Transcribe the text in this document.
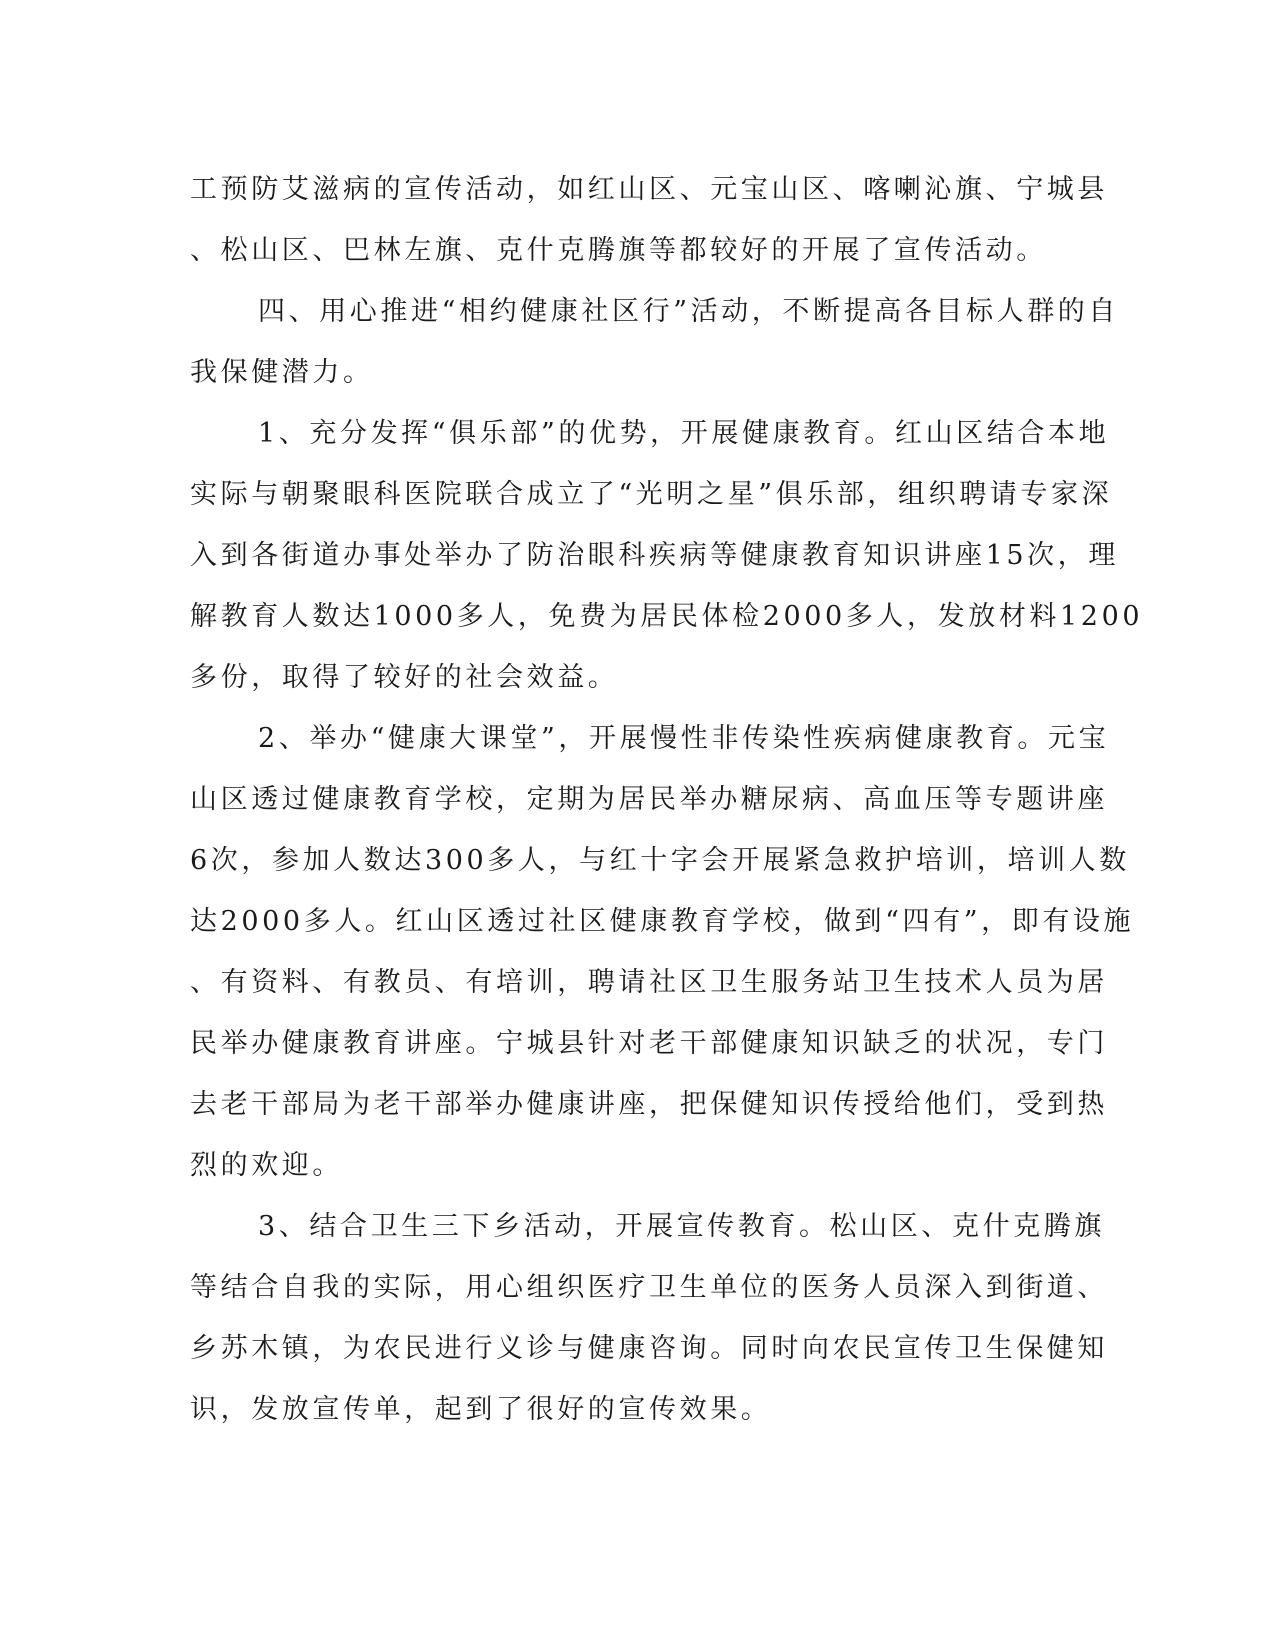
工预防艾滋病的宣传活动，如红山区、元宝山区、喀喇沁旗、宁城县
、松山区、巴林左旗、克什克腾旗等都较好的开展了宣传活动。
四、用心推进“相约健康社区行”活动，不断提高各目标人群的自
我保健潜力。
1、充分发挥“俱乐部”的优势，开展健康教育。红山区结合本地
实际与朝聚眼科医院联合成立了“光明之星”俱乐部，组织聘请专家深
入到各街道办事处举办了防治眼科疾病等健康教育知识讲座15次，理
解教育人数达1000多人，免费为居民体检2000多人，发放材料1200
多份，取得了较好的社会效益。
2、举办“健康大课堂”，开展慢性非传染性疾病健康教育。元宝
山区透过健康教育学校，定期为居民举办糖尿病、高血压等专题讲座
6次，参加人数达300多人，与红十字会开展紧急救护培训，培训人数
达2000多人。红山区透过社区健康教育学校，做到“四有”，即有设施
、有资料、有教员、有培训，聘请社区卫生服务站卫生技术人员为居
民举办健康教育讲座。宁城县针对老干部健康知识缺乏的状况，专门
去老干部局为老干部举办健康讲座，把保健知识传授给他们，受到热
烈的欢迎。
3、结合卫生三下乡活动，开展宣传教育。松山区、克什克腾旗
等结合自我的实际，用心组织医疗卫生单位的医务人员深入到街道、
乡苏木镇，为农民进行义诊与健康咨询。同时向农民宣传卫生保健知
识，发放宣传单，起到了很好的宣传效果。
